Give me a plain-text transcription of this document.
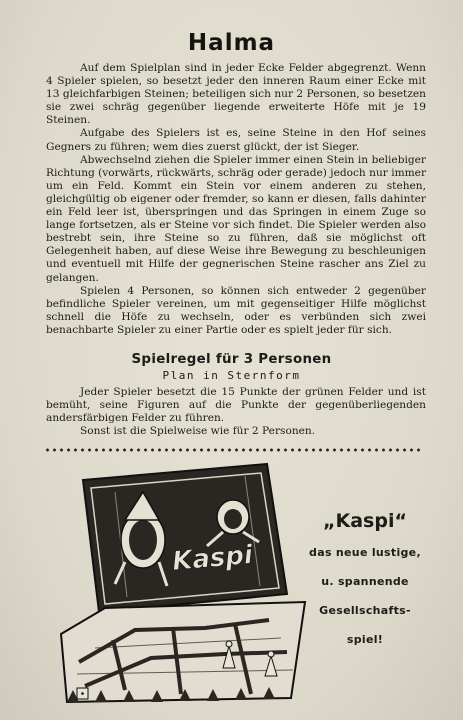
Halma

Auf dem Spielplan sind in jeder Ecke Felder abgegrenzt. Wenn 4 Spieler spielen, so besetzt jeder den inneren Raum einer Ecke mit 13 gleichfarbigen Steinen; beteiligen sich nur 2 Personen, so besetzen sie zwei schräg gegenüber liegende erweiterte Höfe mit je 19 Steinen.

Aufgabe des Spielers ist es, seine Steine in den Hof seines Gegners zu führen; wem dies zuerst glückt, der ist Sieger.

Abwechselnd ziehen die Spieler immer einen Stein in beliebiger Richtung (vorwärts, rückwärts, schräg oder gerade) jedoch nur immer um ein Feld. Kommt ein Stein vor einem anderen zu stehen, gleichgültig ob eigener oder fremder, so kann er diesen, falls dahinter ein Feld leer ist, überspringen und das Springen in einem Zuge so lange fortsetzen, als er Steine vor sich findet. Die Spieler werden also bestrebt sein, ihre Steine so zu führen, daß sie möglichst oft Gelegenheit haben, auf diese Weise ihre Bewegung zu beschleunigen und eventuell mit Hilfe der gegnerischen Steine rascher ans Ziel zu gelangen.

Spielen 4 Personen, so können sich entweder 2 gegenüber befindliche Spieler vereinen, um mit gegenseitiger Hilfe möglichst schnell die Höfe zu wechseln, oder es verbünden sich zwei benachbarte Spieler zu einer Partie oder es spielt jeder für sich.

Spielregel für 3 Personen
Plan in Sternform

Jeder Spieler besetzt die 15 Punkte der grünen Felder und ist bemüht, seine Figuren auf die Punkte der gegenüberliegenden andersfärbigen Felder zu führen.

Sonst ist die Spielweise wie für 2 Personen.

Kaspi
„Kaspi“
das neue lustige,
u. spannende
Gesellschafts-
spiel!
